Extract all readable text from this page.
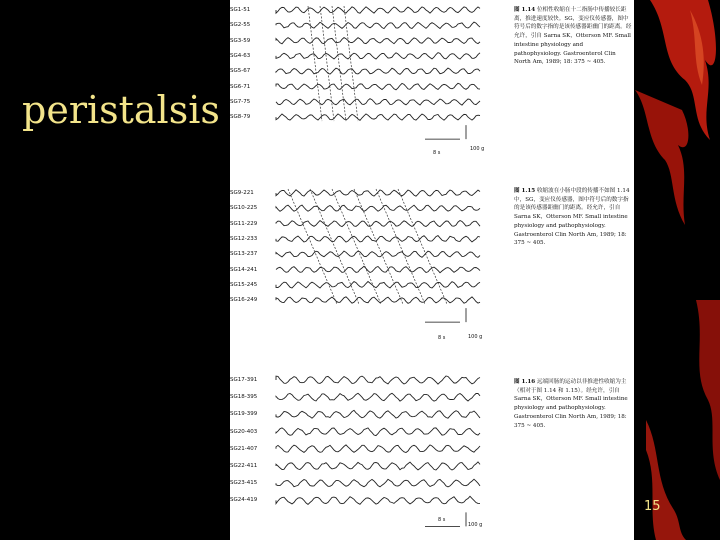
peristalsis
SG1-51
SG2-55
SG3-59
SG4-63
SG5-67
SG6-71
SG7-75
SG8-79
8 s
100 g
图 1.14 位相性收缩在十二指肠中传播较长距离，推进速度较快。SG，变应仪传感器，图中符号后的数字指的是该传感器距幽门的距离。经允许，引自 Sarna SK，Otterson MF. Small intestine physiology and pathophysiology. Gastroenterol Clin North Am, 1989; 18: 375 ~ 405.
SG9-221
SG10-225
SG11-229
SG12-233
SG13-237
SG14-241
SG15-245
SG16-249
8 s	100 g
图 1.15 收缩波在小肠中段的传播不如图 1.14 中，SG，变应仪传感器，图中符号后的数字指的是该传感器距幽门的距离。经允许，引自 Sarna SK，Otterson MF. Small intestine physiology and pathophysiology. Gastroenterol Clin North Am, 1989; 18: 375 ~ 405.
SG17-391
SG18-395
SG19-399
SG20-403
SG21-407
SG22-411
SG23-415
SG24-419
8 s
100 g
图 1.16 远端回肠的运动以非推进性收缩为主（相对于图 1.14 和 1.15）。经允许，引自 Sarna SK，Otterson MF. Small intestine physiology and pathophysiology. Gastroenterol Clin North Am, 1989; 18: 375 ~ 405.
15
